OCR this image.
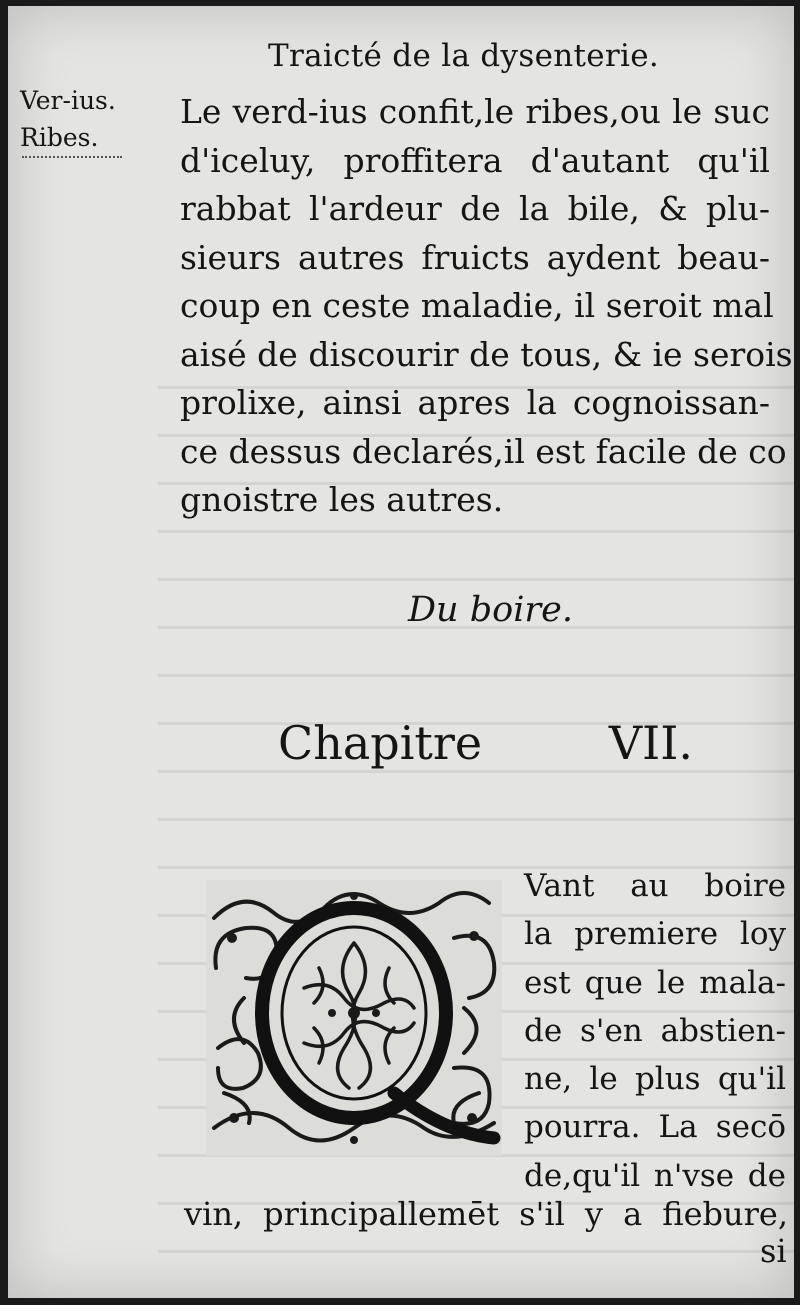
Traicté de la dysenterie.
Ver-ius.
Ribes.
Le verd-ius confit,le ribes,ou le suc
d'iceluy, proffitera d'autant qu'il
rabbat l'ardeur de la bile, & plu-
sieurs autres fruicts aydent beau-
coup en ceste maladie, il seroit mal
aisé de discourir de tous, & ie serois
prolixe, ainsi apres la cognoissan-
ce dessus declarés,il est facile de co
gnoistre les autres.
Du boire.
Chapitre	VII.
Vant au boire
la premiere loy
est que le mala-
de s'en abstien-
ne, le plus qu'il
pourra. La secō
de,qu'il n'vse de
vin, principallemēt s'il y a fiebure,
si
